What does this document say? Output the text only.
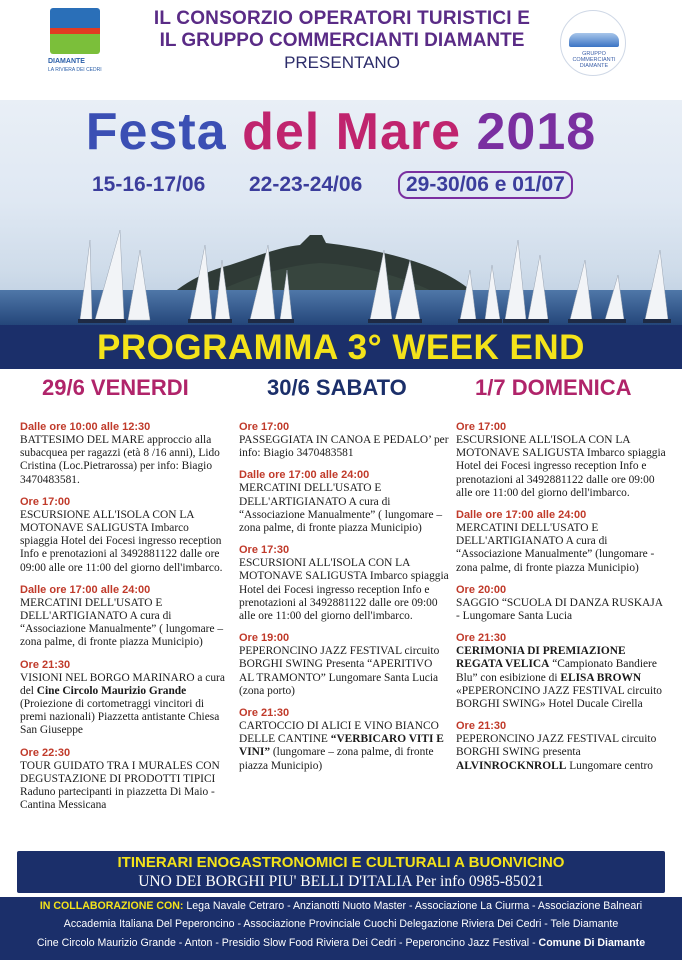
DIAMANTE
LA RIVIERA DEI CEDRI
IL CONSORZIO OPERATORI TURISTICI E
IL GRUPPO COMMERCIANTI DIAMANTE
PRESENTANO	GRUPPO
COMMERCIANTI
DIAMANTE
Festa del Mare 2018
15-16-17/06 22-23-24/06	29-30/06 e 01/07
PROGRAMMA 3° WEEK END
29/6 VENERDI	30/6 SABATO	1/7 DOMENICA
Dalle ore 10:00 alle 12:30
BATTESIMO DEL MARE approccio alla subacquea per ragazzi (età 8 /16 anni), Lido Cristina (Loc.Pietrarossa) per info: Biagio 3470483581.
Ore 17:00
ESCURSIONE ALL'ISOLA CON LA MOTONAVE SALIGUSTA Imbarco spiaggia Hotel dei Focesi ingresso reception Info e prenotazioni al 3492881122 dalle ore 09:00 alle ore 11:00 del giorno dell'imbarco.
Dalle ore 17:00 alle 24:00
MERCATINI DELL'USATO E DELL'ARTIGIANATO A cura di “Associazione Manualmente” ( lungomare – zona palme, di fronte piazza Municipio)
Ore 21:30
VISIONI NEL BORGO MARINARO a cura del Cine Circolo Maurizio Grande (Proiezione di cortometraggi vincitori di premi nazionali) Piazzetta antistante Chiesa San Giuseppe
Ore 22:30
TOUR GUIDATO TRA I MURALES CON DEGUSTAZIONE DI PRODOTTI TIPICI Raduno partecipanti in piazzetta Di Maio - Cantina Messicana
Ore 17:00
PASSEGGIATA IN CANOA E PEDALO’ per info: Biagio 3470483581
Dalle ore 17:00 alle 24:00
MERCATINI DELL'USATO E DELL'ARTIGIANATO A cura di “Associazione Manualmente” ( lungomare – zona palme, di fronte piazza Municipio)
Ore 17:30
ESCURSIONI ALL'ISOLA CON LA MOTONAVE SALIGUSTA Imbarco spiaggia Hotel dei Focesi ingresso reception Info e prenotazioni al 3492881122 dalle ore 09:00 alle ore 11:00 del giorno dell'imbarco.
Ore 19:00
PEPERONCINO JAZZ FESTIVAL circuito BORGHI SWING Presenta “APERITIVO AL TRAMONTO” Lungomare Santa Lucia (zona porto)
Ore 21:30
CARTOCCIO DI ALICI E VINO BIANCO DELLE CANTINE “VERBICARO VITI E VINI” (lungomare – zona palme, di fronte piazza Municipio)
Ore 17:00
ESCURSIONE ALL'ISOLA CON LA MOTONAVE SALIGUSTA Imbarco spiaggia Hotel dei Focesi ingresso reception Info e prenotazioni al 3492881122 dalle ore 09:00 alle ore 11:00 del giorno dell'imbarco.
Dalle ore 17:00 alle 24:00
MERCATINI DELL'USATO E DELL'ARTIGIANATO A cura di “Associazione Manualmente” (lungomare - zona palme, di fronte piazza Municipio)
Ore 20:00
SAGGIO “SCUOLA DI DANZA RUSKAJA - Lungomare Santa Lucia
Ore 21:30
CERIMONIA DI PREMIAZIONE REGATA VELICA “Campionato Bandiere Blu” con esibizione di ELISA BROWN «PEPERONCINO JAZZ FESTIVAL circuito BORGHI SWING» Hotel Ducale Cirella
Ore 21:30
PEPERONCINO JAZZ FESTIVAL circuito BORGHI SWING presenta ALVINROCKNROLL Lungomare centro
ITINERARI ENOGASTRONOMICI E CULTURALI A BUONVICINO
UNO DEI BORGHI PIU' BELLI D'ITALIA Per info 0985-85021
IN COLLABORAZIONE CON: Lega Navale Cetraro - Anzianotti Nuoto Master - Associazione La Ciurma - Associazione Balneari
Accademia Italiana Del Peperoncino - Associazione Provinciale Cuochi Delegazione Riviera Dei Cedri - Tele Diamante
Cine Circolo Maurizio Grande - Anton - Presidio Slow Food Riviera Dei Cedri - Peperoncino Jazz Festival - Comune Di Diamante
